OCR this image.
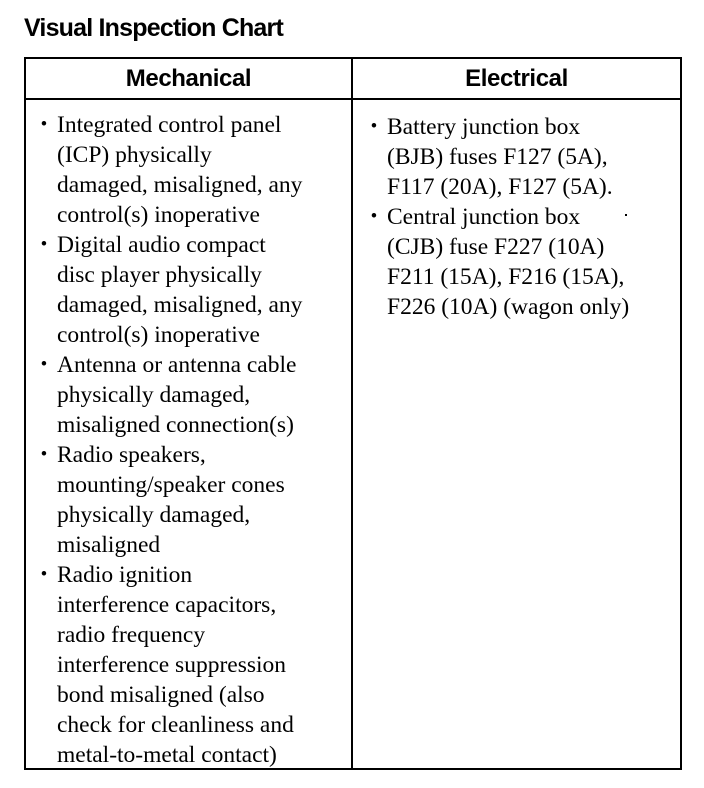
Visual Inspection Chart
Mechanical	Electrical
• Integrated control panel
(ICP) physically
damaged, misaligned, any
control(s) inoperative
• Digital audio compact
disc player physically
damaged, misaligned, any
control(s) inoperative
• Antenna or antenna cable
physically damaged,
misaligned connection(s)
• Radio speakers,
mounting/speaker cones
physically damaged,
misaligned
• Radio ignition
interference capacitors,
radio frequency
interference suppression
bond misaligned (also
check for cleanliness and
metal-to-metal contact)
• Battery junction box
(BJB) fuses F127 (5A),
F117 (20A), F127 (5A).
• Central junction box
(CJB) fuse F227 (10A)
F211 (15A), F216 (15A),
F226 (10A) (wagon only)
